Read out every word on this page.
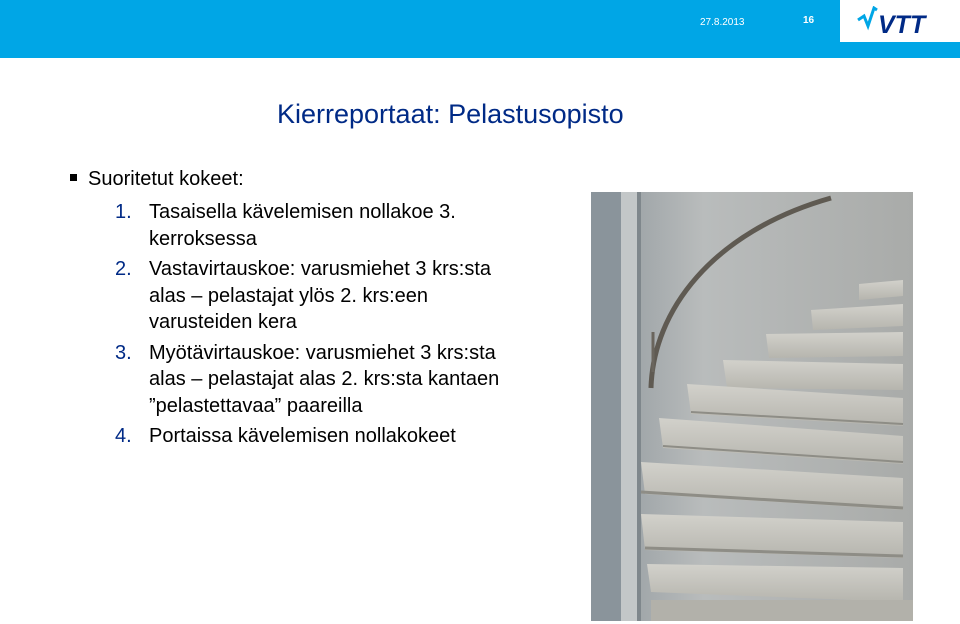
27.8.2013	16	VTT
Kierreportaat: Pelastusopisto
Suoritetut kokeet:
1. Tasaisella kävelemisen nollakoe 3. kerroksessa
2. Vastavirtauskoe: varusmiehet 3 krs:sta alas – pelastajat ylös 2. krs:een varusteiden kera
3. Myötävirtauskoe: varusmiehet 3 krs:sta alas – pelastajat alas 2. krs:sta kantaen ”pelastettavaa” paareilla
4. Portaissa kävelemisen nollakokeet
